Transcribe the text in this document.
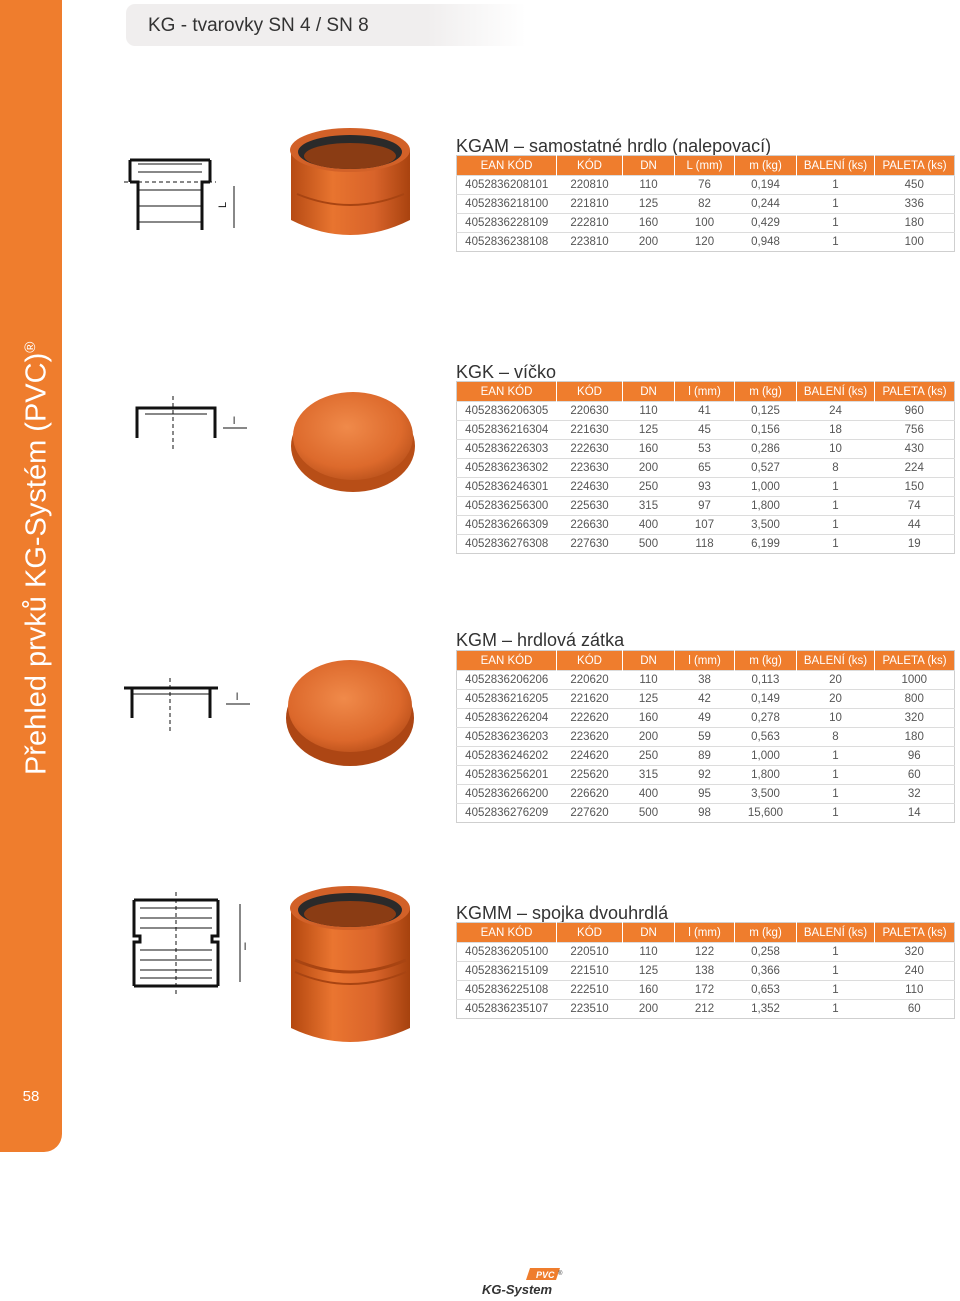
Přehled prvků KG-Systém (PVC)®
58
KG - tvarovky SN 4 / SN 8
L
KGAM – samostatné hrdlo (nalepovací)
EAN KÓD	KÓD	DN	L (mm)	m (kg)	BALENÍ (ks)	PALETA (ks)
4052836208101	220810	110	76	0,194	1	450
4052836218100	221810	125	82	0,244	1	336
4052836228109	222810	160	100	0,429	1	180
4052836238108	223810	200	120	0,948	1	100
l
KGK – víčko
EAN KÓD	KÓD	DN	l (mm)	m (kg)	BALENÍ (ks)	PALETA (ks)
4052836206305	220630	110	41	0,125	24	960
4052836216304	221630	125	45	0,156	18	756
4052836226303	222630	160	53	0,286	10	430
4052836236302	223630	200	65	0,527	8	224
4052836246301	224630	250	93	1,000	1	150
4052836256300	225630	315	97	1,800	1	74
4052836266309	226630	400	107	3,500	1	44
4052836276308	227630	500	118	6,199	1	19
l
KGM – hrdlová zátka
EAN KÓD	KÓD	DN	l (mm)	m (kg)	BALENÍ (ks)	PALETA (ks)
4052836206206	220620	110	38	0,113	20	1000
4052836216205	221620	125	42	0,149	20	800
4052836226204	222620	160	49	0,278	10	320
4052836236203	223620	200	59	0,563	8	180
4052836246202	224620	250	89	1,000	1	96
4052836256201	225620	315	92	1,800	1	60
4052836266200	226620	400	95	3,500	1	32
4052836276209	227620	500	98	15,600	1	14
l
KGMM – spojka dvouhrdlá
EAN KÓD	KÓD	DN	l (mm)	m (kg)	BALENÍ (ks)	PALETA (ks)
4052836205100	220510	110	122	0,258	1	320
4052836215109	221510	125	138	0,366	1	240
4052836225108	222510	160	172	0,653	1	110
4052836235107	223510	200	212	1,352	1	60
PVC ®
KG-System
